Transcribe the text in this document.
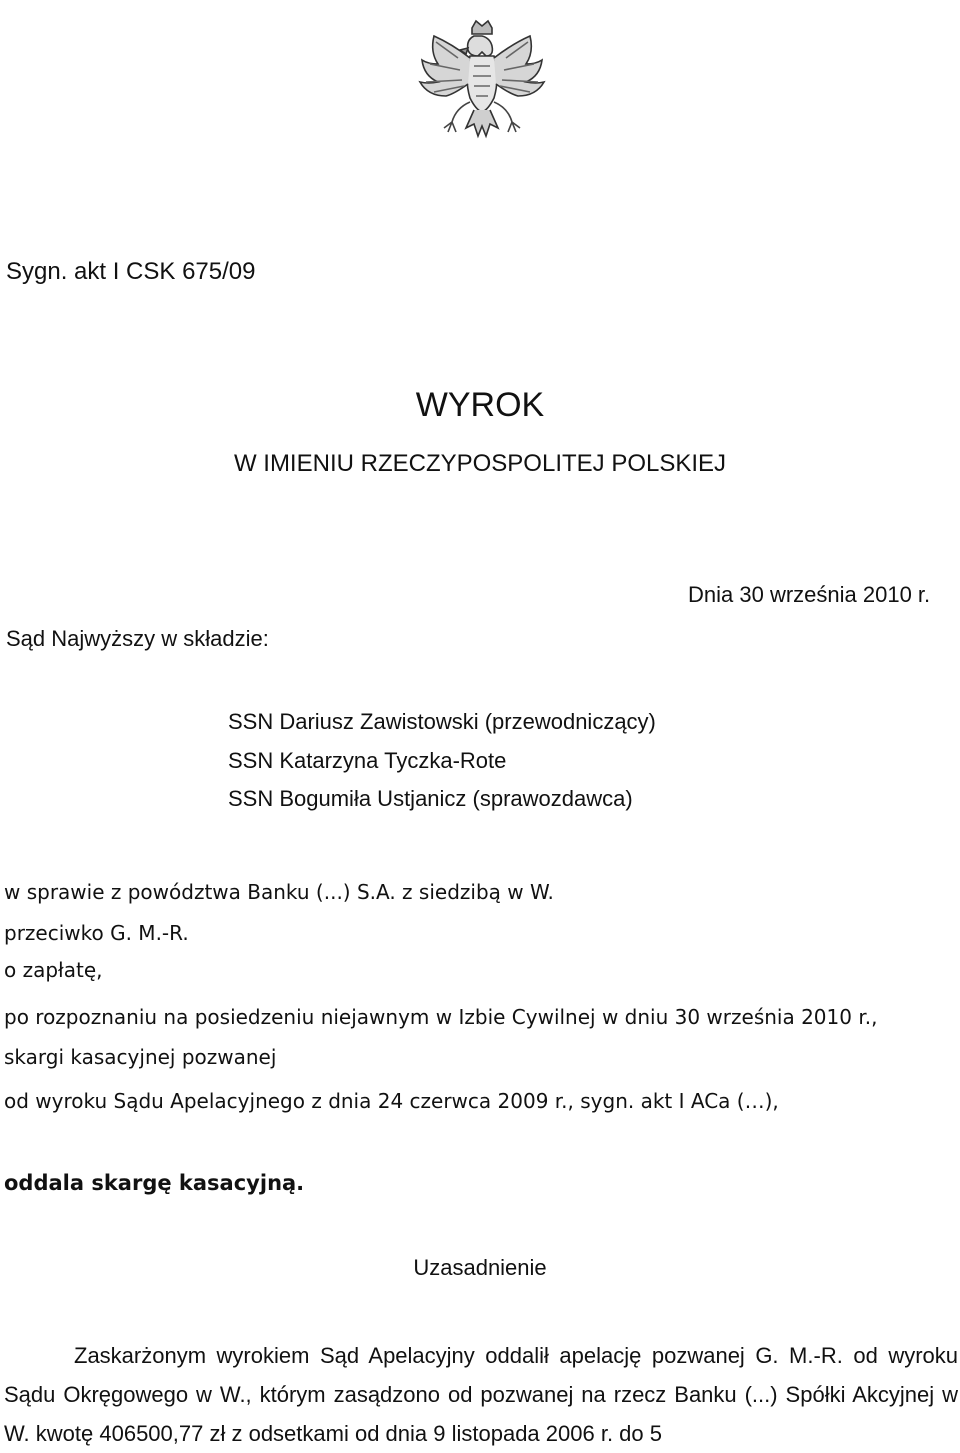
Sygn. akt I CSK 675/09

WYROK
W IMIENIU RZECZYPOSPOLITEJ POLSKIEJ

Dnia 30 września 2010 r.

Sąd Najwyższy w składzie:

SSN Dariusz Zawistowski (przewodniczący)

SSN Katarzyna Tyczka-Rote

SSN Bogumiła Ustjanicz (sprawozdawca)

w sprawie z powództwa Banku (...) S.A. z siedzibą w W.

przeciwko G. M.-R.

o zapłatę,

po rozpoznaniu na posiedzeniu niejawnym w Izbie Cywilnej w dniu 30 września 2010 r.,

skargi kasacyjnej pozwanej

od wyroku Sądu Apelacyjnego z dnia 24 czerwca 2009 r., sygn. akt I ACa (…),

oddala skargę kasacyjną.

Uzasadnienie

Zaskarżonym wyrokiem Sąd Apelacyjny oddalił apelację pozwanej G. M.-R. od wyroku Sądu Okręgowego w W., którym zasądzono od pozwanej na rzecz Banku (...) Spółki Akcyjnej w W. kwotę 406500,77 zł z odsetkami od dnia 9 listopada 2006 r. do 5
